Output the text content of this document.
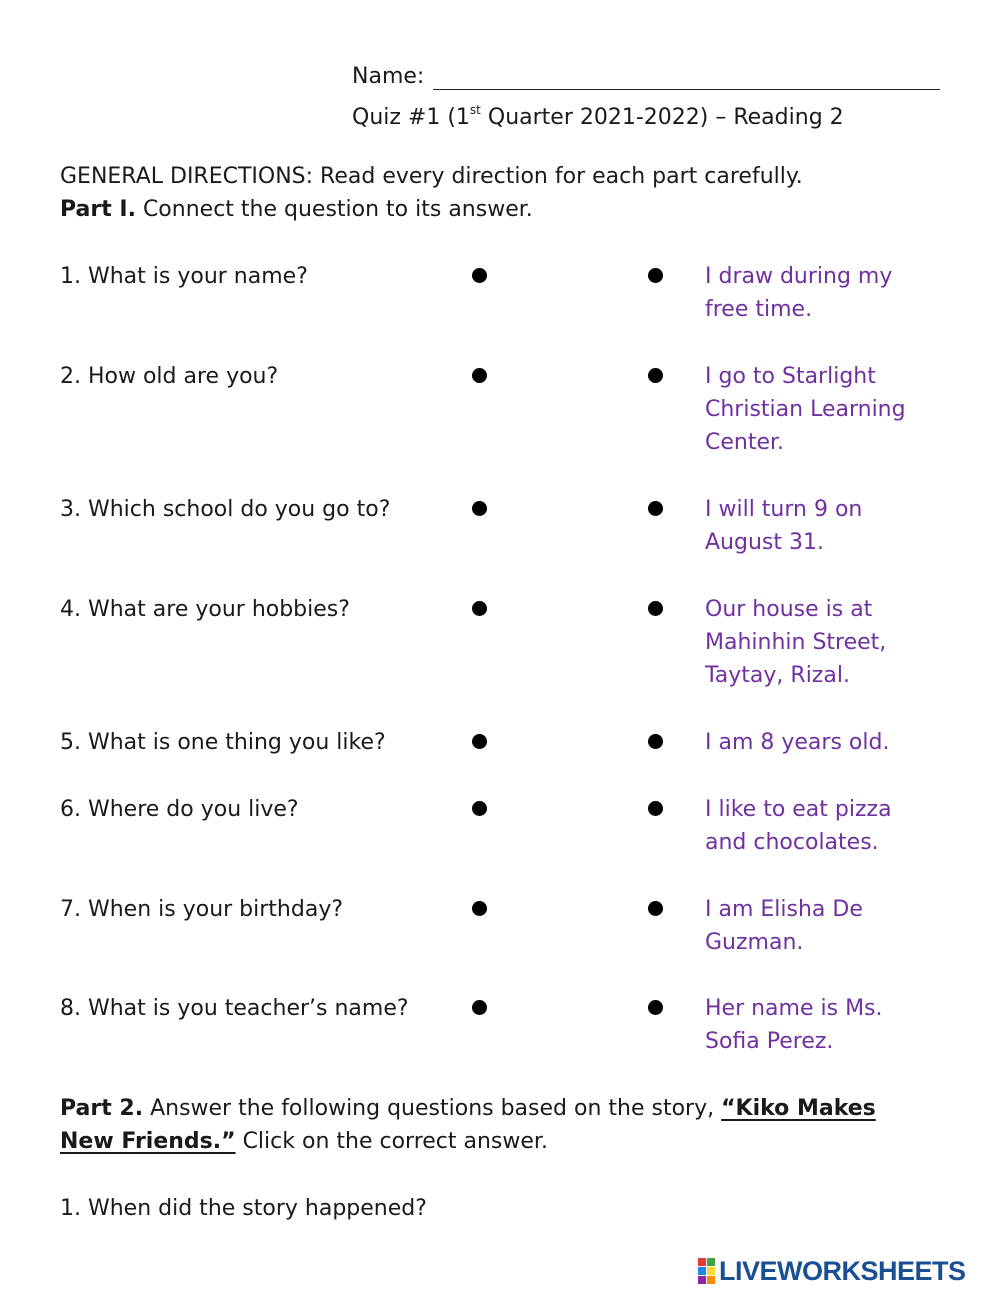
Name:
Quiz #1 (1st Quarter 2021-2022) – Reading 2
GENERAL DIRECTIONS: Read every direction for each part carefully.
Part I. Connect the question to its answer.
1. What is your name?	I draw during my
free time.
2. How old are you?	I go to Starlight
Christian Learning
Center.
3. Which school do you go to?	I will turn 9 on
August 31.
4. What are your hobbies?	Our house is at
Mahinhin Street,
Taytay, Rizal.
5. What is one thing you like?	I am 8 years old.
6. Where do you live?	I like to eat pizza
and chocolates.
7. When is your birthday?	I am Elisha De
Guzman.
8. What is you teacher’s name?	Her name is Ms.
Sofia Perez.
Part 2. Answer the following questions based on the story, “Kiko Makes
New Friends.” Click on the correct answer.
1. When did the story happened?
LIVEWORKSHEETS
